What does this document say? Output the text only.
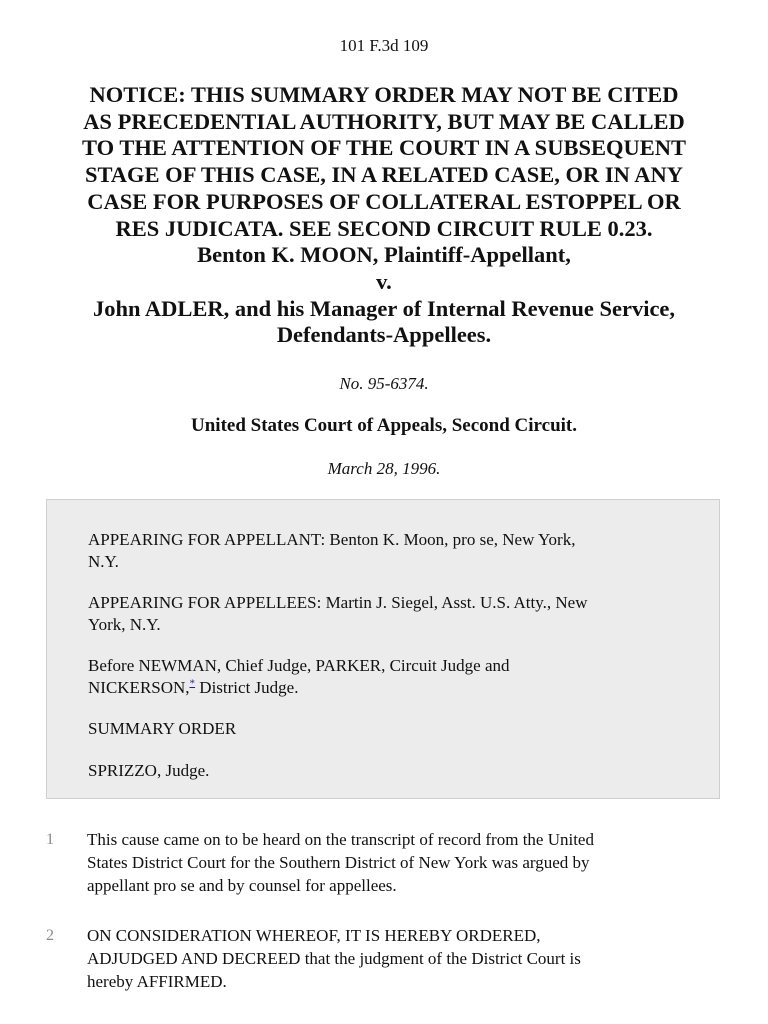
101 F.3d 109
NOTICE: THIS SUMMARY ORDER MAY NOT BE CITED
AS PRECEDENTIAL AUTHORITY, BUT MAY BE CALLED
TO THE ATTENTION OF THE COURT IN A SUBSEQUENT
STAGE OF THIS CASE, IN A RELATED CASE, OR IN ANY
CASE FOR PURPOSES OF COLLATERAL ESTOPPEL OR
RES JUDICATA. SEE SECOND CIRCUIT RULE 0.23.
Benton K. MOON, Plaintiff-Appellant,
v.
John ADLER, and his Manager of Internal Revenue Service,
Defendants-Appellees.
No. 95-6374.
United States Court of Appeals, Second Circuit.
March 28, 1996.
APPEARING FOR APPELLANT: Benton K. Moon, pro se, New York,
N.Y.
APPEARING FOR APPELLEES: Martin J. Siegel, Asst. U.S. Atty., New
York, N.Y.
Before NEWMAN, Chief Judge, PARKER, Circuit Judge and
NICKERSON,* District Judge.
SUMMARY ORDER
SPRIZZO, Judge.
1 This cause came on to be heard on the transcript of record from the United
States District Court for the Southern District of New York was argued by
appellant pro se and by counsel for appellees.
2 ON CONSIDERATION WHEREOF, IT IS HEREBY ORDERED,
ADJUDGED AND DECREED that the judgment of the District Court is
hereby AFFIRMED.
